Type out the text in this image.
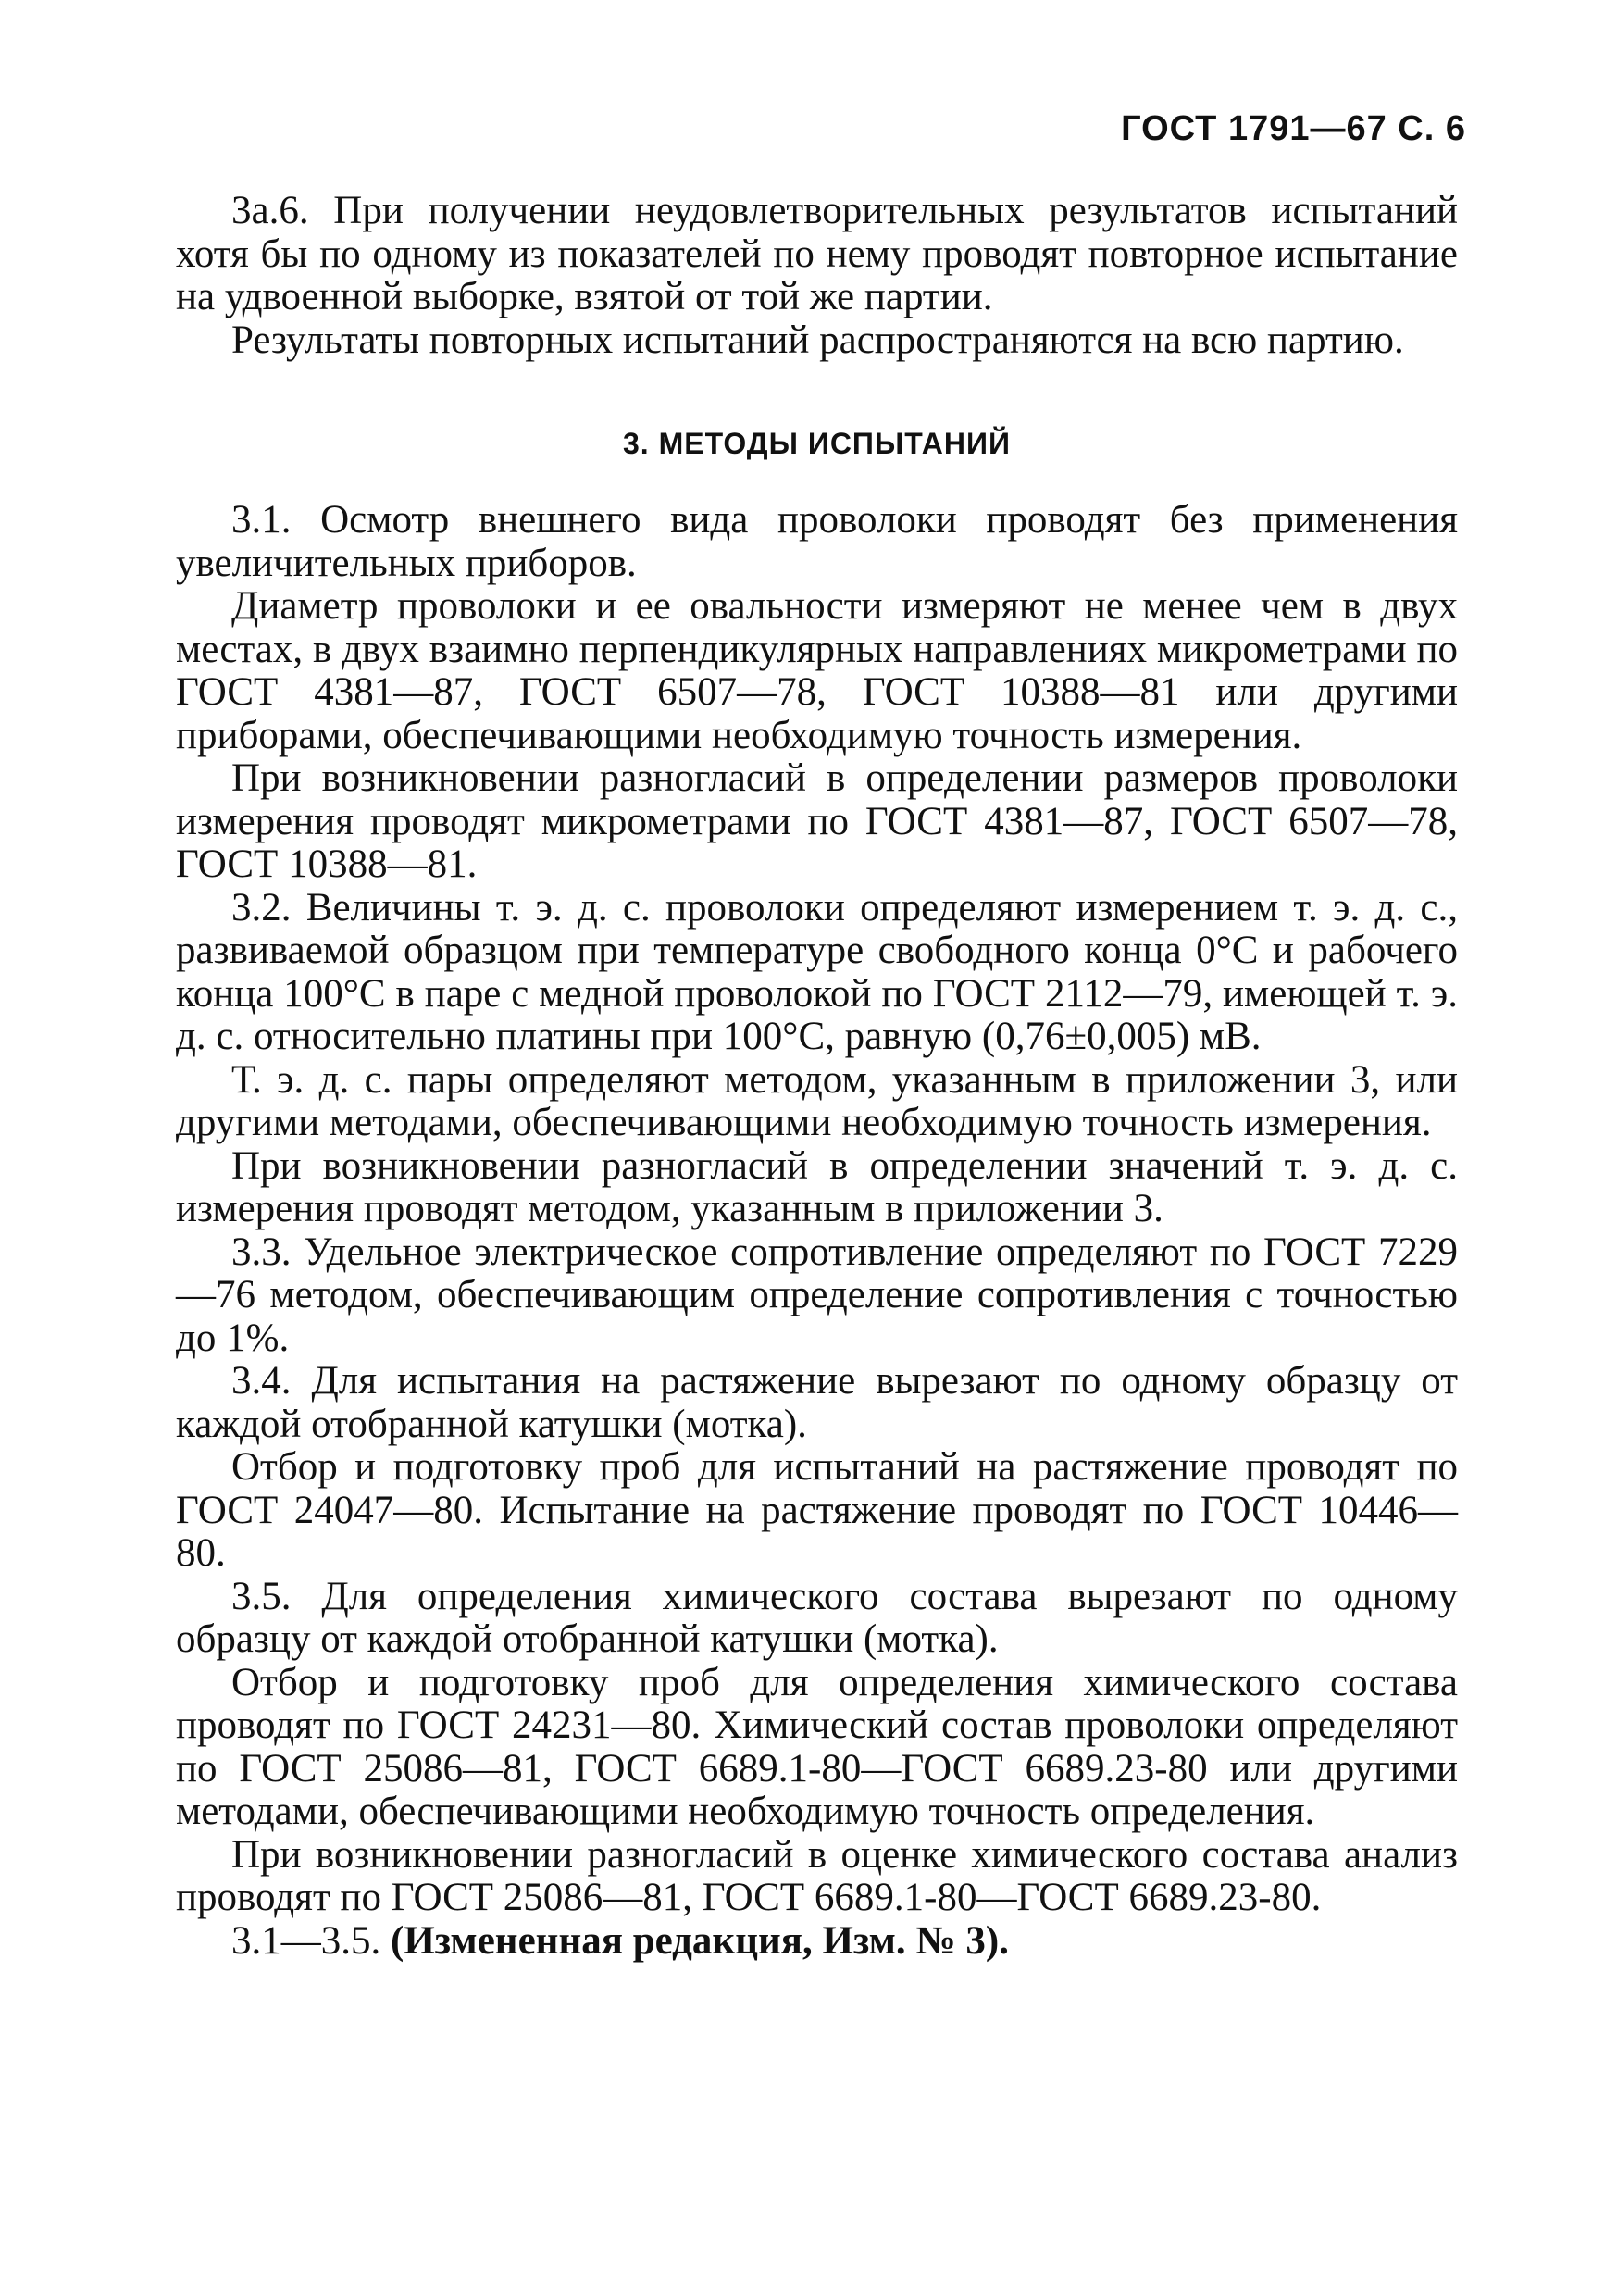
ГОСТ 1791—67 С. 6

3а.6. При получении неудовлетворительных результатов испытаний хотя бы по одному из показателей по нему проводят повторное испытание на удвоенной выборке, взятой от той же партии.

Результаты повторных испытаний распространяются на всю партию.

3. МЕТОДЫ ИСПЫТАНИЙ

3.1. Осмотр внешнего вида проволоки проводят без применения увеличительных приборов.

Диаметр проволоки и ее овальности измеряют не менее чем в двух местах, в двух взаимно перпендикулярных направлениях микрометрами по ГОСТ 4381—87, ГОСТ 6507—78, ГОСТ 10388—81 или другими приборами, обеспечивающими необходимую точность измерения.

При возникновении разногласий в определении размеров проволоки измерения проводят микрометрами по ГОСТ 4381—87, ГОСТ 6507—78, ГОСТ 10388—81.

3.2. Величины т. э. д. с. проволоки определяют измерением т. э. д. с., развиваемой образцом при температуре свободного конца 0°С и рабочего конца 100°С в паре с медной проволокой по ГОСТ 2112—79, имеющей т. э. д. с. относительно платины при 100°С, равную (0,76±0,005) мВ.

Т. э. д. с. пары определяют методом, указанным в приложении 3, или другими методами, обеспечивающими необходимую точность измерения.

При возникновении разногласий в определении значений т. э. д. с. измерения проводят методом, указанным в приложении 3.

3.3. Удельное электрическое сопротивление определяют по ГОСТ 7229—76 методом, обеспечивающим определение сопротивления с точностью до 1%.

3.4. Для испытания на растяжение вырезают по одному образцу от каждой отобранной катушки (мотка).

Отбор и подготовку проб для испытаний на растяжение проводят по ГОСТ 24047—80. Испытание на растяжение проводят по ГОСТ 10446—80.

3.5. Для определения химического состава вырезают по одному образцу от каждой отобранной катушки (мотка).

Отбор и подготовку проб для определения химического состава проводят по ГОСТ 24231—80. Химический состав проволоки определяют по ГОСТ 25086—81, ГОСТ 6689.1-80—ГОСТ 6689.23-80 или другими методами, обеспечивающими необходимую точность определения.

При возникновении разногласий в оценке химического состава анализ проводят по ГОСТ 25086—81, ГОСТ 6689.1-80—ГОСТ 6689.23-80.

3.1—3.5. (Измененная редакция, Изм. № 3).
